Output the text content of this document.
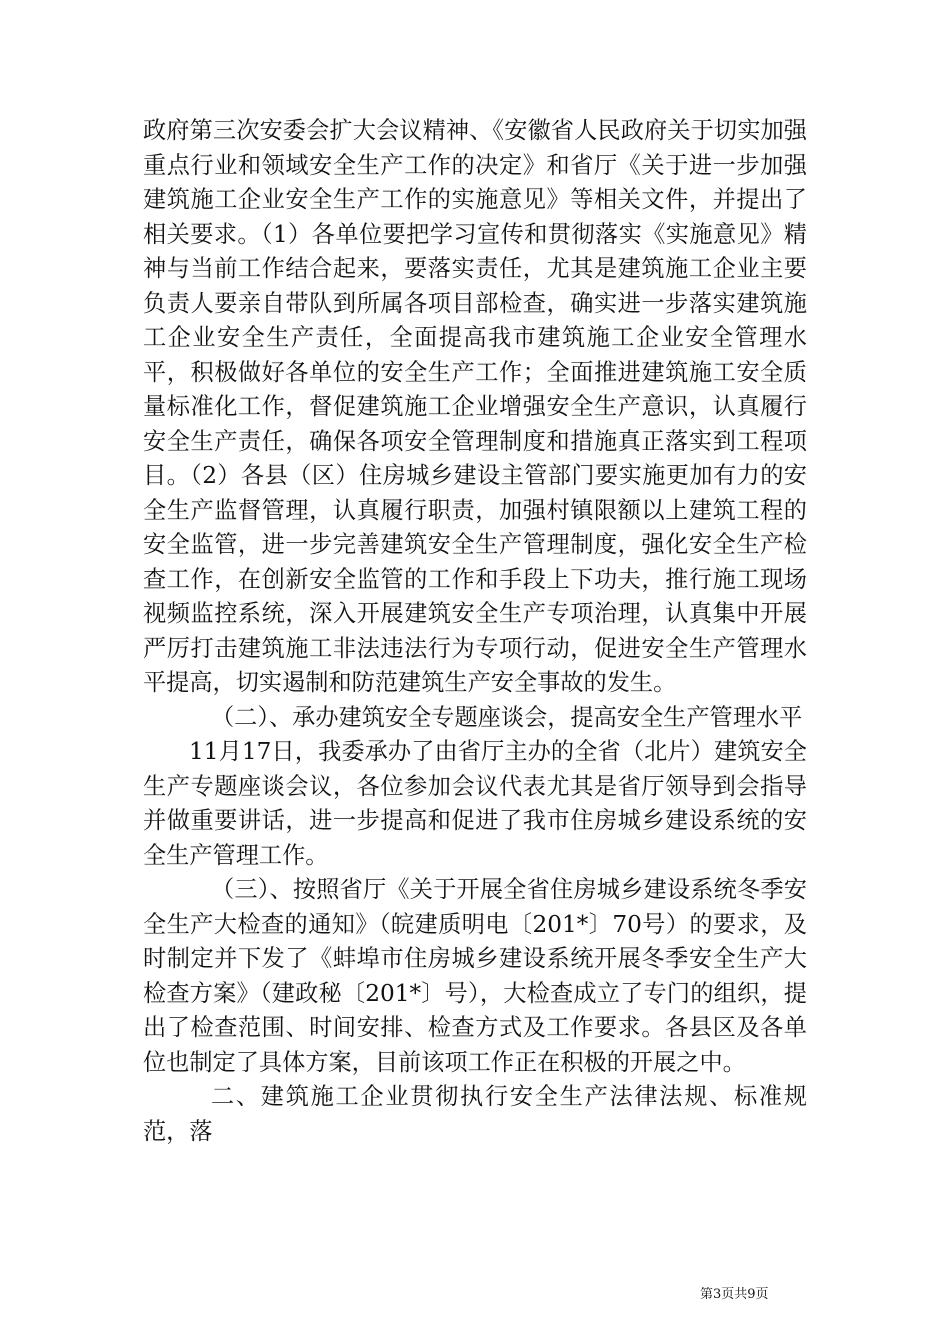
政府第三次安委会扩大会议精神、《安徽省人民政府关于切实加强重点行业和领域安全生产工作的决定》和省厅《关于进一步加强建筑施工企业安全生产工作的实施意见》等相关文件，并提出了相关要求。（1）各单位要把学习宣传和贯彻落实《实施意见》精神与当前工作结合起来，要落实责任，尤其是建筑施工企业主要负责人要亲自带队到所属各项目部检查，确实进一步落实建筑施工企业安全生产责任，全面提高我市建筑施工企业安全管理水平，积极做好各单位的安全生产工作；全面推进建筑施工安全质量标准化工作，督促建筑施工企业增强安全生产意识，认真履行安全生产责任，确保各项安全管理制度和措施真正落实到工程项目。（2）各县（区）住房城乡建设主管部门要实施更加有力的安全生产监督管理，认真履行职责，加强村镇限额以上建筑工程的安全监管，进一步完善建筑安全生产管理制度，强化安全生产检查工作，在创新安全监管的工作和手段上下功夫，推行施工现场视频监控系统，深入开展建筑安全生产专项治理，认真集中开展严厉打击建筑施工非法违法行为专项行动，促进安全生产管理水平提高，切实遏制和防范建筑生产安全事故的发生。

（二）、承办建筑安全专题座谈会，提高安全生产管理水平

11月17日，我委承办了由省厅主办的全省（北片）建筑安全生产专题座谈会议，各位参加会议代表尤其是省厅领导到会指导并做重要讲话，进一步提高和促进了我市住房城乡建设系统的安全生产管理工作。

（三）、按照省厅《关于开展全省住房城乡建设系统冬季安全生产大检查的通知》（皖建质明电〔201*〕70号）的要求，及时制定并下发了《蚌埠市住房城乡建设系统开展冬季安全生产大检查方案》（建政秘〔201*〕号），大检查成立了专门的组织，提出了检查范围、时间安排、检查方式及工作要求。各县区及各单位也制定了具体方案，目前该项工作正在积极的开展之中。

二、建筑施工企业贯彻执行安全生产法律法规、标准规范，落

第3页共9页
